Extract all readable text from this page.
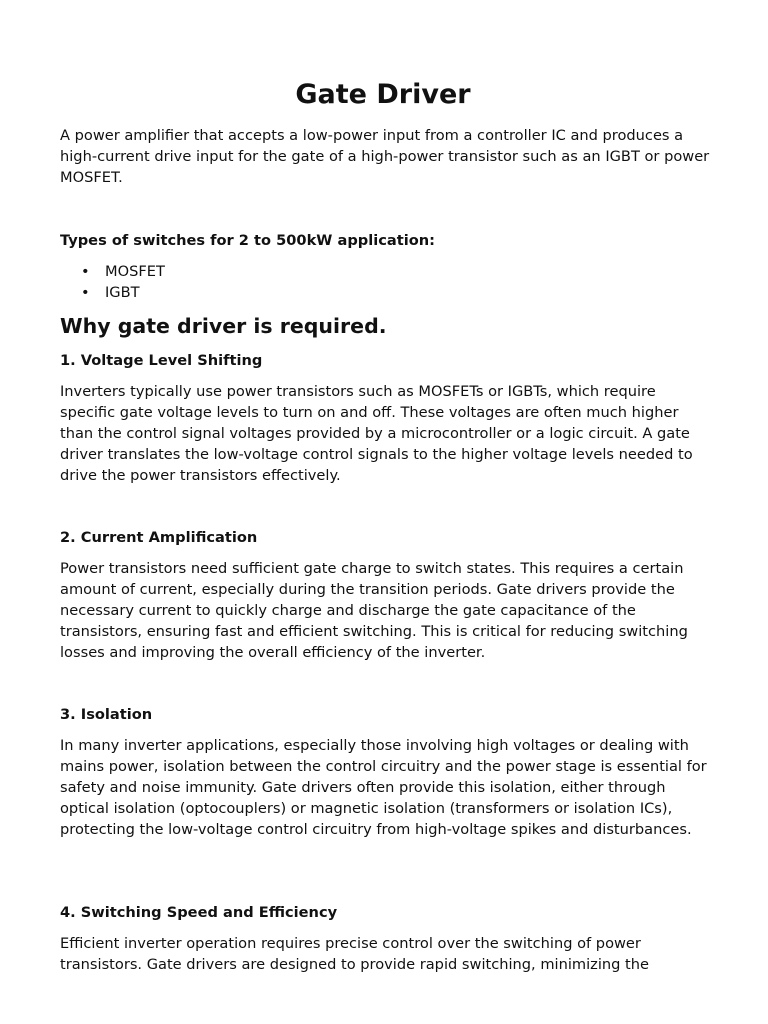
Gate Driver

A power amplifier that accepts a low-power input from a controller IC and produces a high-current drive input for the gate of a high-power transistor such as an IGBT or power MOSFET.

Types of switches for 2 to 500kW application:

• MOSFET
• IGBT
Why gate driver is required.
1. Voltage Level Shifting

Inverters typically use power transistors such as MOSFETs or IGBTs, which require specific gate voltage levels to turn on and off. These voltages are often much higher than the control signal voltages provided by a microcontroller or a logic circuit. A gate driver translates the low-voltage control signals to the higher voltage levels needed to drive the power transistors effectively.

2. Current Amplification

Power transistors need sufficient gate charge to switch states. This requires a certain amount of current, especially during the transition periods. Gate drivers provide the necessary current to quickly charge and discharge the gate capacitance of the transistors, ensuring fast and efficient switching. This is critical for reducing switching losses and improving the overall efficiency of the inverter.

3. Isolation

In many inverter applications, especially those involving high voltages or dealing with mains power, isolation between the control circuitry and the power stage is essential for safety and noise immunity. Gate drivers often provide this isolation, either through optical isolation (optocouplers) or magnetic isolation (transformers or isolation ICs), protecting the low-voltage control circuitry from high-voltage spikes and disturbances.

4. Switching Speed and Efficiency

Efficient inverter operation requires precise control over the switching of power transistors. Gate drivers are designed to provide rapid switching, minimizing the
